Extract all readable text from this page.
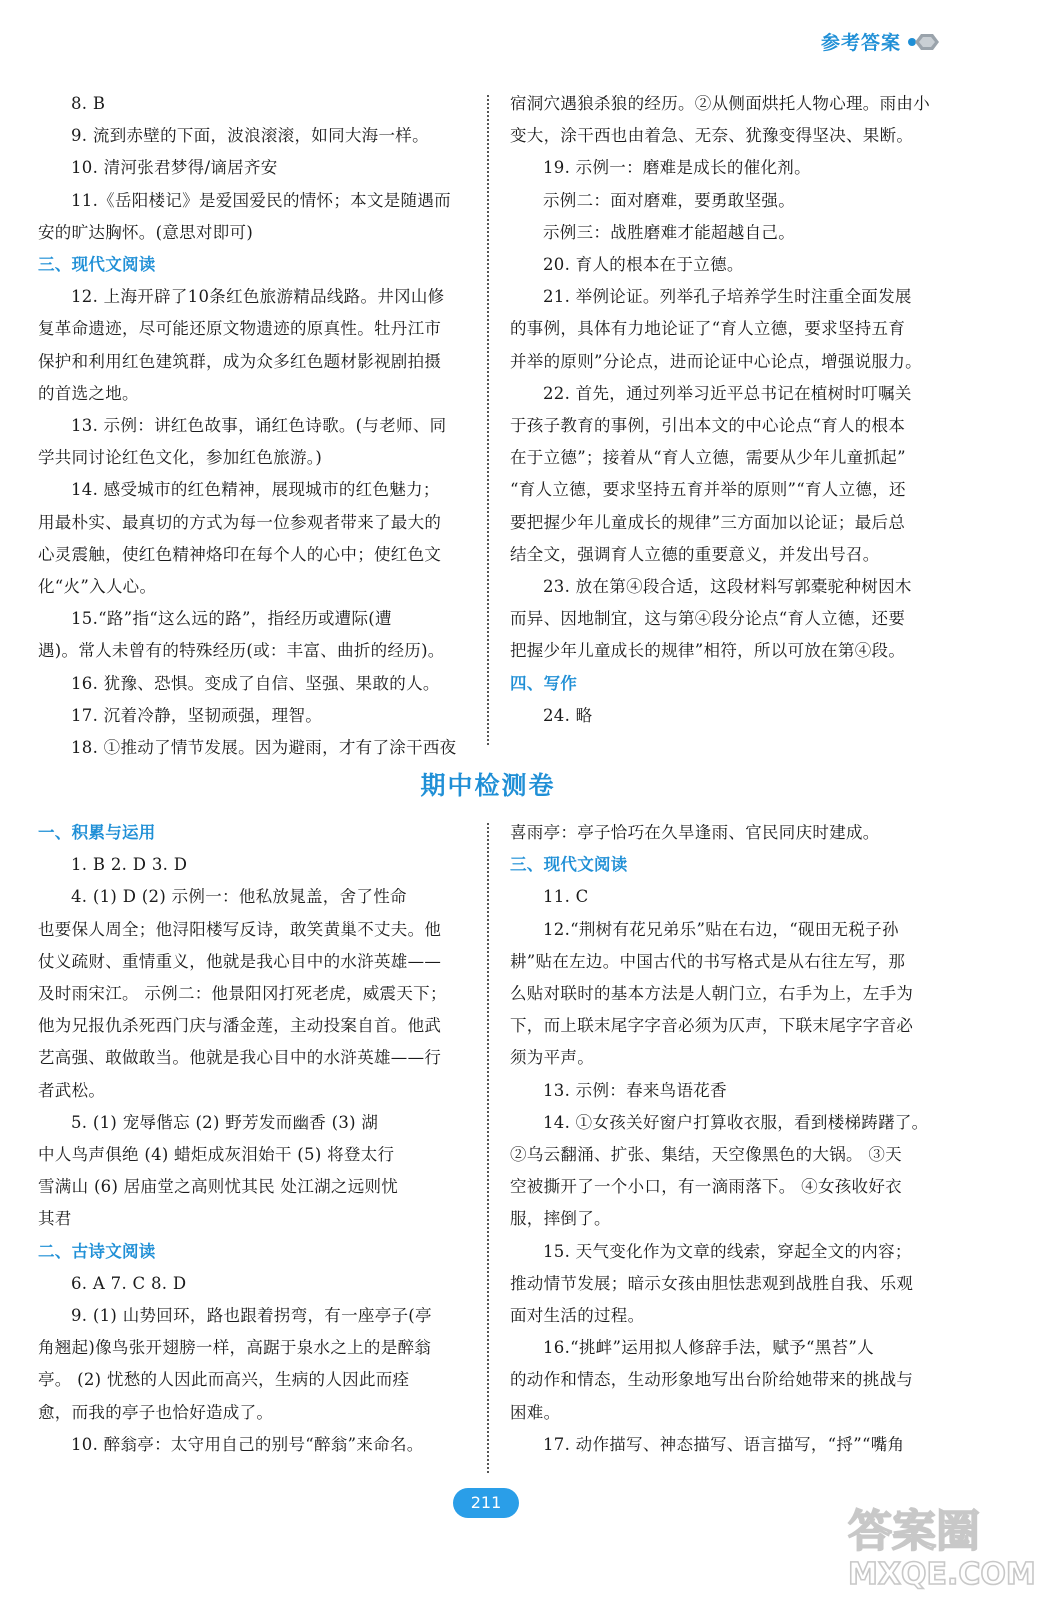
参考答案
8. B
9. 流到赤壁的下面，波浪滚滚，如同大海一样。
10. 清河张君梦得/谪居齐安
11.《岳阳楼记》是爱国爱民的情怀；本文是随遇而
安的旷达胸怀。(意思对即可)
三、现代文阅读
12. 上海开辟了10条红色旅游精品线路。井冈山修
复革命遗迹，尽可能还原文物遗迹的原真性。牡丹江市
保护和利用红色建筑群，成为众多红色题材影视剧拍摄
的首选之地。
13. 示例：讲红色故事，诵红色诗歌。(与老师、同
学共同讨论红色文化，参加红色旅游。)
14. 感受城市的红色精神，展现城市的红色魅力；
用最朴实、最真切的方式为每一位参观者带来了最大的
心灵震触，使红色精神烙印在每个人的心中；使红色文
化“火”入人心。
15.“路”指“这么远的路”，指经历或遭际(遭
遇)。常人未曾有的特殊经历(或：丰富、曲折的经历)。
16. 犹豫、恐惧。变成了自信、坚强、果敢的人。
17. 沉着冷静，坚韧顽强，理智。
18. ①推动了情节发展。因为避雨，才有了涂干西夜
宿洞穴遇狼杀狼的经历。②从侧面烘托人物心理。雨由小
变大，涂干西也由着急、无奈、犹豫变得坚决、果断。
19. 示例一：磨难是成长的催化剂。
示例二：面对磨难，要勇敢坚强。
示例三：战胜磨难才能超越自己。
20. 育人的根本在于立德。
21. 举例论证。列举孔子培养学生时注重全面发展
的事例，具体有力地论证了“育人立德，要求坚持五育
并举的原则”分论点，进而论证中心论点，增强说服力。
22. 首先，通过列举习近平总书记在植树时叮嘱关
于孩子教育的事例，引出本文的中心论点“育人的根本
在于立德”；接着从“育人立德，需要从少年儿童抓起”
“育人立德，要求坚持五育并举的原则”“育人立德，还
要把握少年儿童成长的规律”三方面加以论证；最后总
结全文，强调育人立德的重要意义，并发出号召。
23. 放在第④段合适，这段材料写郭橐驼种树因木
而异、因地制宜，这与第④段分论点“育人立德，还要
把握少年儿童成长的规律”相符，所以可放在第④段。
四、写作
24. 略
期中检测卷
一、积累与运用
1. B 2. D 3. D
4. (1) D (2) 示例一：他私放晁盖，舍了性命
也要保人周全；他浔阳楼写反诗，敢笑黄巢不丈夫。他
仗义疏财、重情重义，他就是我心目中的水浒英雄——
及时雨宋江。 示例二：他景阳冈打死老虎，威震天下；
他为兄报仇杀死西门庆与潘金莲，主动投案自首。他武
艺高强、敢做敢当。他就是我心目中的水浒英雄——行
者武松。
5. (1) 宠辱偕忘 (2) 野芳发而幽香 (3) 湖
中人鸟声俱绝 (4) 蜡炬成灰泪始干 (5) 将登太行
雪满山 (6) 居庙堂之高则忧其民 处江湖之远则忧
其君
二、古诗文阅读
6. A 7. C 8. D
9. (1) 山势回环，路也跟着拐弯，有一座亭子(亭
角翘起)像鸟张开翅膀一样，高踞于泉水之上的是醉翁
亭。 (2) 忧愁的人因此而高兴，生病的人因此而痊
愈，而我的亭子也恰好造成了。
10. 醉翁亭：太守用自己的别号“醉翁”来命名。
喜雨亭：亭子恰巧在久旱逢雨、官民同庆时建成。
三、现代文阅读
11. C
12.“荆树有花兄弟乐”贴在右边，“砚田无税子孙
耕”贴在左边。中国古代的书写格式是从右往左写，那
么贴对联时的基本方法是人朝门立，右手为上，左手为
下，而上联末尾字字音必须为仄声，下联末尾字字音必
须为平声。
13. 示例：春来鸟语花香
14. ①女孩关好窗户打算收衣服，看到楼梯踌躇了。
②乌云翻涌、扩张、集结，天空像黑色的大锅。 ③天
空被撕开了一个小口，有一滴雨落下。 ④女孩收好衣
服，摔倒了。
15. 天气变化作为文章的线索，穿起全文的内容；
推动情节发展；暗示女孩由胆怯悲观到战胜自我、乐观
面对生活的过程。
16.“挑衅”运用拟人修辞手法，赋予“黑苔”人
的动作和情态，生动形象地写出台阶给她带来的挑战与
困难。
17. 动作描写、神态描写、语言描写，“捋”“嘴角
211
答案圈
MXQE.COM
